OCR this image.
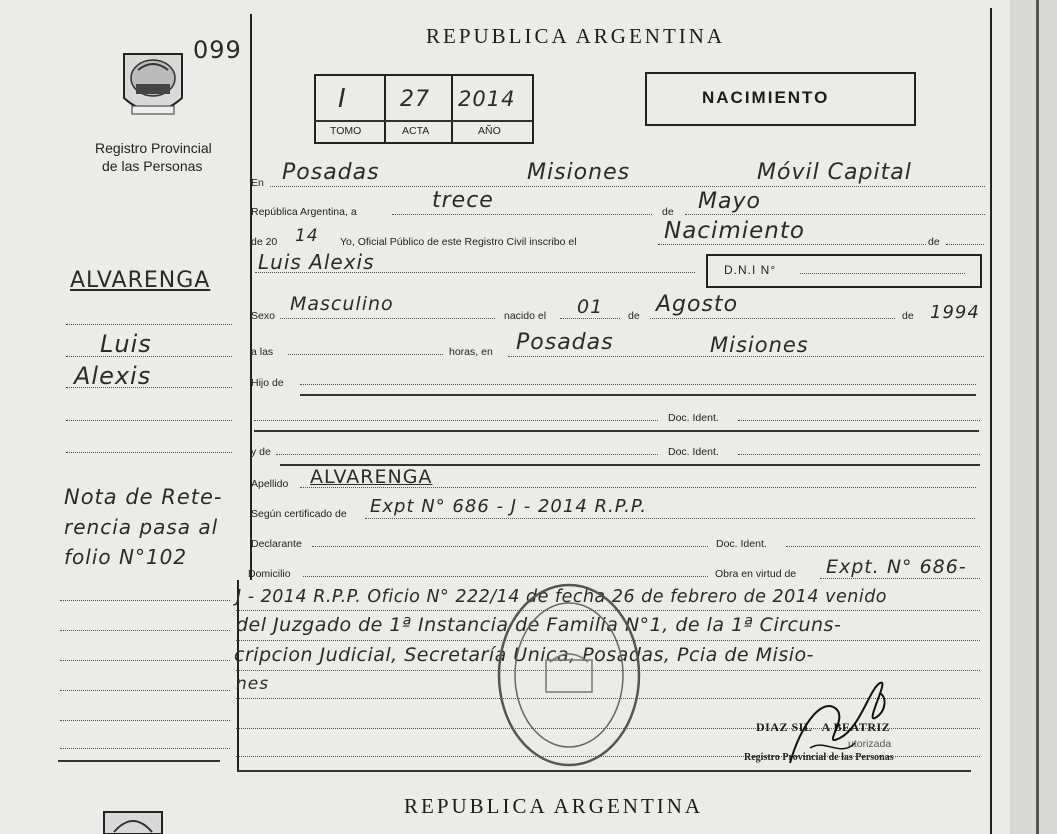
099
Registro Provincial
de las Personas
REPUBLICA ARGENTINA
I 27 2014
TOMO	ACTA	AÑO
NACIMIENTO
En Posadas	Misiones	Móvil Capital
República Argentina, a	trece	de Mayo
de 20 14 Yo, Oficial Público de este Registro Civil inscribo el	Nacimiento	de
Luis Alexis	D.N.I N°
ALVARENGA
Luis
Alexis
Nota de Rete-
rencia pasa al
folio N°102
Sexo
Masculino
nacido el 01 de Agosto	de 1994
a las	horas, en Posadas	Misiones
Hijo de
Doc. Ident.
y de	Doc. Ident.
Apellido ALVARENGA
Según certificado de Expt N° 686 - J - 2014 R.P.P.
Declarante	Doc. Ident.
Domicilio	Obra en virtud de Expt. N° 686-
J - 2014 R.P.P. Oficio N° 222/14 de fecha 26 de febrero de 2014 venido
del Juzgado de 1ª Instancia de Familia N°1, de la 1ª Circuns-
cripcion Judicial, Secretaría Unica, Posadas, Pcia de Misio-
nes
DIAZ SIL   A BEATRIZ
utorizada
Registro Provincial de las Personas
REPUBLICA ARGENTINA
